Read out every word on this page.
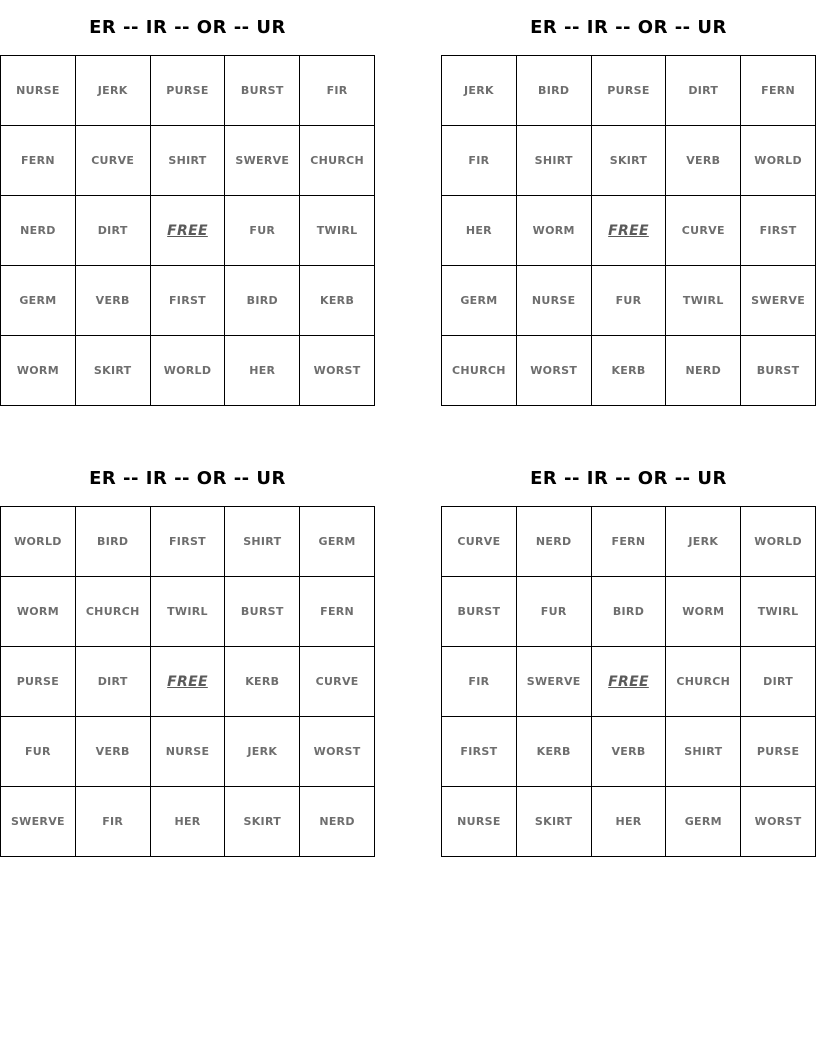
ER -- IR -- OR -- UR
NURSE	JERK	PURSE	BURST	FIR
FERN	CURVE	SHIRT	SWERVE	CHURCH
NERD	DIRT	FREE	FUR	TWIRL
GERM	VERB	FIRST	BIRD	KERB
WORM	SKIRT	WORLD	HER	WORST
ER -- IR -- OR -- UR
JERK	BIRD	PURSE	DIRT	FERN
FIR	SHIRT	SKIRT	VERB	WORLD
HER	WORM	FREE	CURVE	FIRST
GERM	NURSE	FUR	TWIRL	SWERVE
CHURCH	WORST	KERB	NERD	BURST
ER -- IR -- OR -- UR
WORLD	BIRD	FIRST	SHIRT	GERM
WORM	CHURCH	TWIRL	BURST	FERN
PURSE	DIRT	FREE	KERB	CURVE
FUR	VERB	NURSE	JERK	WORST
SWERVE	FIR	HER	SKIRT	NERD
ER -- IR -- OR -- UR
CURVE	NERD	FERN	JERK	WORLD
BURST	FUR	BIRD	WORM	TWIRL
FIR	SWERVE	FREE	CHURCH	DIRT
FIRST	KERB	VERB	SHIRT	PURSE
NURSE	SKIRT	HER	GERM	WORST
